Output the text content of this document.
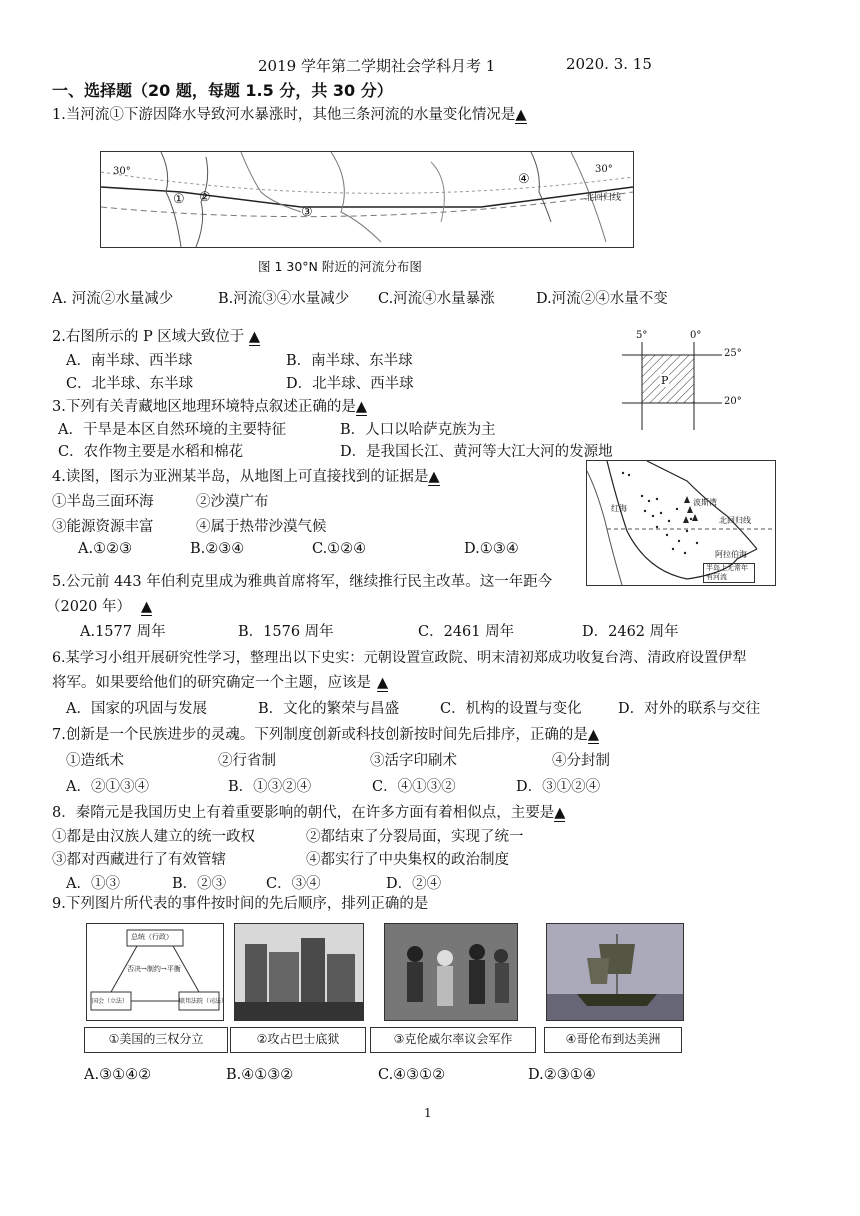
2019 学年第二学期社会学科月考 1	2020. 3. 15
一、选择题（20 题，每题 1.5 分，共 30 分）
1.当河流①下游因降水导致河水暴涨时，其他三条河流的水量变化情况是▲
30°	30°
① ②
③
④
北回归线
图 1 30°N 附近的河流分布图
A. 河流②水量减少	B.河流③④水量减少 C.河流④水量暴涨	D.河流②④水量不变
2.右图所示的 P 区域大致位于 ▲
A．南半球、西半球	B．南半球、东半球
C．北半球、东半球	D．北半球、西半球
5°	0°
25°
20°
P
3.下列有关青藏地区地理环境特点叙述正确的是▲
A．干旱是本区自然环境的主要特征	B．人口以哈萨克族为主
C．农作物主要是水稻和棉花	D．是我国长江、黄河等大江大河的发源地
4.读图，图示为亚洲某半岛，从地图上可直接找到的证据是▲
①半岛三面环海	②沙漠广布
③能源资源丰富	④属于热带沙漠气候
A.①②③	B.②③④	C.①②④	D.①③④
波斯湾
红海
北回归线
阿拉伯海
半岛上无常年有河流
5.公元前 443 年伯利克里成为雅典首席将军，继续推行民主改革。这一年距今
（2020 年） ▲
A.1577 周年	B．1576 周年	C．2461 周年	D．2462 周年
6.某学习小组开展研究性学习，整理出以下史实：元朝设置宣政院、明末清初郑成功收复台湾、清政府设置伊犁
将军。如果要给他们的研究确定一个主题，应该是 ▲
A．国家的巩固与发展	B．文化的繁荣与昌盛	C．机构的设置与变化	D．对外的联系与交往
7.创新是一个民族进步的灵魂。下列制度创新或科技创新按时间先后排序，正确的是▲
①造纸术	②行省制	③活字印刷术	④分封制
A．②①③④	B．①③②④	C．④①③②	D．③①②④
8．秦隋元是我国历史上有着重要影响的朝代，在许多方面有着相似点，主要是▲
①都是由汉族人建立的统一政权	②都结束了分裂局面，实现了统一
③都对西藏进行了有效管辖	④都实行了中央集权的政治制度
A．①③	B．②③	C．③④	D．②④
9.下列图片所代表的事件按时间的先后顺序，排列正确的是
总统（行政）
否决→制约→平衡
国会（立法）	联邦法院（司法）
①美国的三权分立	②攻占巴士底狱	③克伦威尔率议会军作	④哥伦布到达美洲
A.③①④②	B.④①③②	C.④③①②	D.②③①④
1
